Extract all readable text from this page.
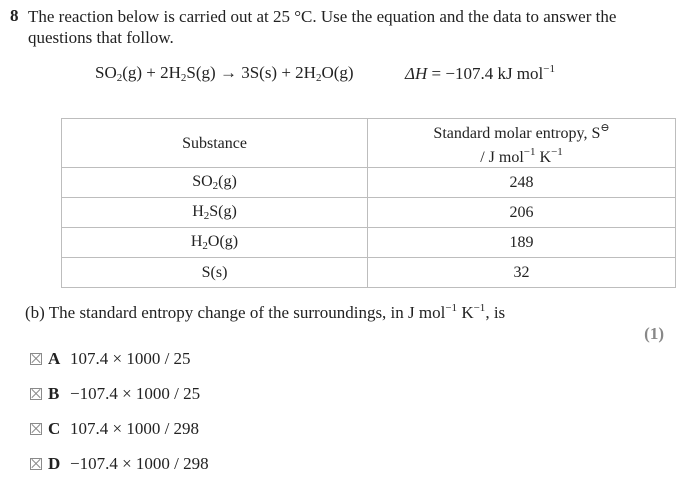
8 The reaction below is carried out at 25 °C. Use the equation and the data to answer the questions that follow.
$SO_2(g) + 2H_2S(g) \to 3S(s) + 2H_2O(g)$	ΔH = −107.4 kJ mol$^{-1}$
Substance	Standard molar entropy, S⊖
/ J mol$^{-1}$ $K^{-1}$
$SO_2(g)$	248
$H_2S(g)$	206
$H_2O(g)$	189
S(s)	32
(b) The standard entropy change of the surroundings, in J mol$^{-1}$ $K^{-1}$, is
(1)
A 107.4 × 1000 / 25
B −107.4 × 1000 / 25
C 107.4 × 1000 / 298
D −107.4 × 1000 / 298
